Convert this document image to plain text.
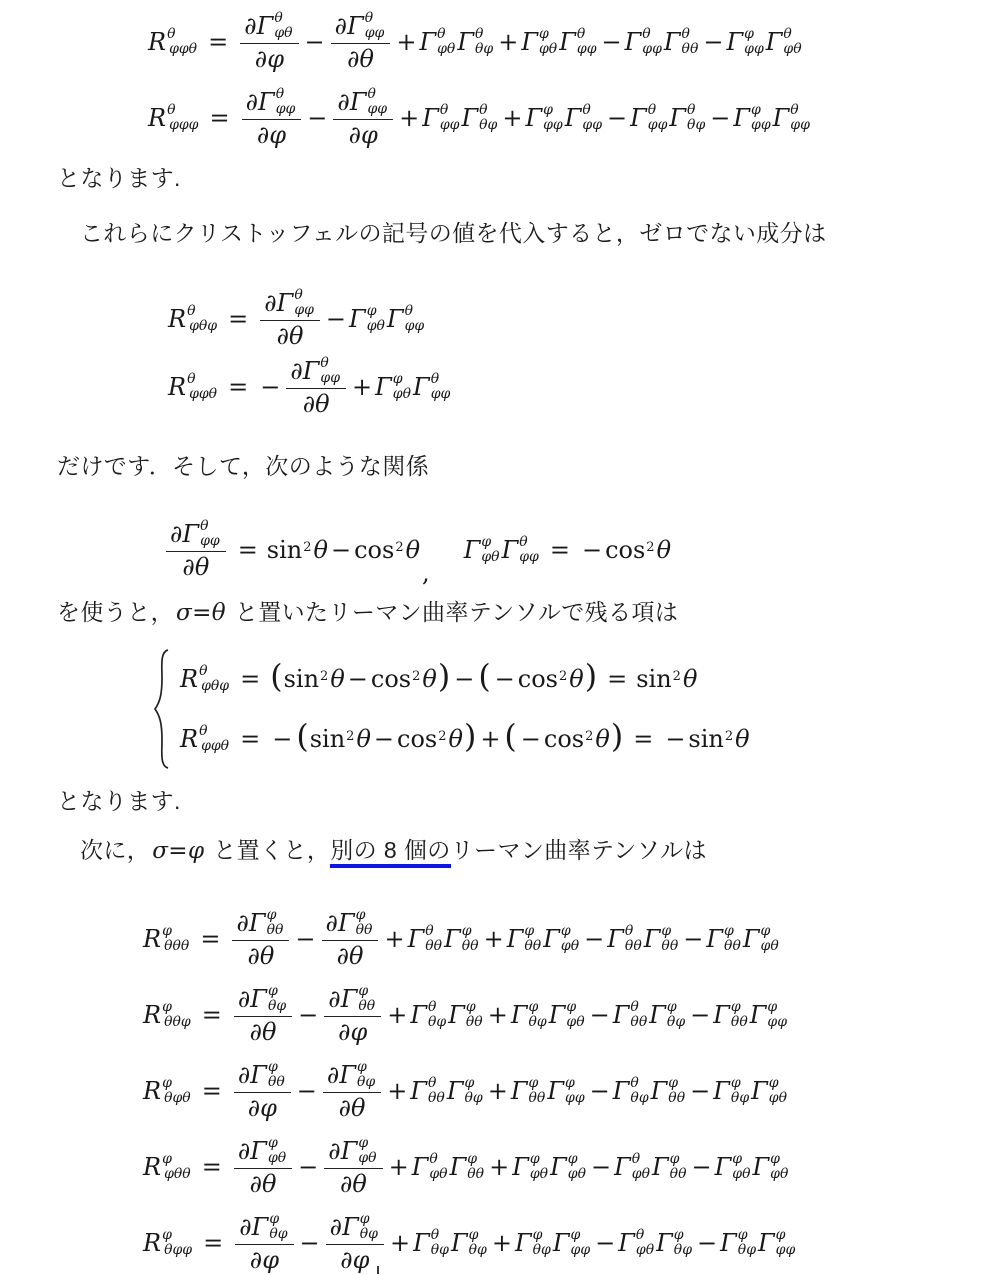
R θ
φφθ =
∂ Γ θ
φθ
∂φ
−
∂ Γ θ
φφ
∂θ
+ Γ θ
φθ Γ θ
θφ + Γ φ
φθ Γ θ
φφ − Γ θ
φφ Γ θ
θθ − Γ φ
φφ Γ θ
φθ
R θ
φφφ =
∂ Γ θ
φφ
∂φ
−
∂ Γ θ
φφ
∂φ
+ Γ θ
φφ Γ θ
θφ + Γ φ
φφ Γ θ
φφ − Γ θ
φφ Γ θ
θφ − Γ φ
φφ Γ θ
φφ
となります.
これらにクリストッフェルの記号の値を代入すると，ゼロでない成分は
R θ
φθφ =
∂ Γ θ
φφ
∂θ
− Γ φ
φθ Γ θ
φφ
R θ
φφθ = −
∂ Γ θ
φφ
∂θ
+ Γ φ
φθ Γ θ
φφ
だけです．そして，次のような関係
∂ Γ θ
φφ
∂θ
= $\sin^2 \theta - \cos^2 \theta$
,
Γ φ
φθ Γ θ
φφ = − $\cos^2 \theta$
を使うと，σ=θ と置いたリーマン曲率テンソルで残る項は
R θ
φθφ = ( $\sin^2 \theta - \cos^2 \theta$ ) − ( − $\cos^2 \theta$ ) = $\sin^2 \theta$
R θ
φφθ = − ( $\sin^2 \theta - \cos^2 \theta$ ) + ( − $\cos^2 \theta$ ) = − $\sin^2 \theta$
となります.
次に，σ=φ と置くと，別の 8 個のリーマン曲率テンソルは
R φ
θθθ =
∂ Γ φ
θθ
∂θ
−
∂ Γ φ
θθ
∂θ
+ Γ θ
θθ Γ φ
θθ + Γ φ
θθ Γ φ
φθ − Γ θ
θθ Γ φ
θθ − Γ φ
θθ Γ φ
φθ
R φ
θθφ =
∂ Γ φ
θφ
∂θ
−
∂ Γ φ
θθ
∂φ
+ Γ θ
θφ Γ φ
θθ + Γ φ
θφ Γ φ
φθ − Γ θ
θθ Γ φ
θφ − Γ φ
θθ Γ φ
φφ
R φ
θφθ =
∂ Γ φ
θθ
∂φ
−
∂ Γ φ
θφ
∂θ
+ Γ θ
θθ Γ φ
θφ + Γ φ
θθ Γ φ
φφ − Γ θ
θφ Γ φ
θθ − Γ φ
θφ Γ φ
φθ
R φ
φθθ =
∂ Γ φ
φθ
∂θ
−
∂ Γ φ
φθ
∂θ
+ Γ θ
φθ Γ φ
θθ + Γ φ
φθ Γ φ
φθ − Γ θ
φθ Γ φ
θθ − Γ φ
φθ Γ φ
φθ
R φ
θφφ =
∂ Γ φ
θφ
∂φ
−
∂ Γ φ
θφ
∂φ
+ Γ θ
θφ Γ φ
θφ + Γ φ
θφ Γ φ
φφ − Γ θ
φθ Γ φ
θφ − Γ φ
θφ Γ φ
φφ
